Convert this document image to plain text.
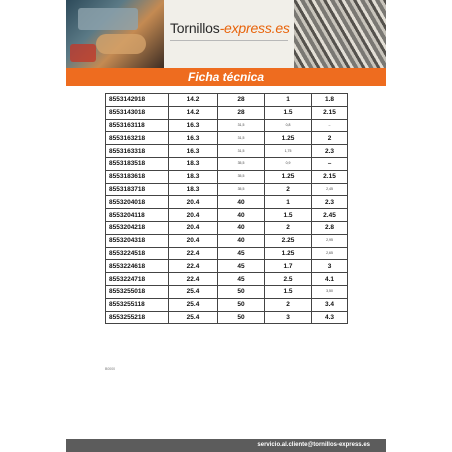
Tornillos-express.es
Ficha técnica
8553142918	14.2	28	1	1.8
8553143018	14.2	28	1.5	2.15
8553163118	16.3	31,5	0,8	–
8553163218	16.3	31,5	1.25	2
8553163318	16.3	31,5	1,75	2.3
8553183518	18.3	35,5	0,9	–
8553183618	18.3	35,5	1.25	2.15
8553183718	18.3	35,5	2	2,45
8553204018	20.4	40	1	2.3
8553204118	20.4	40	1.5	2.45
8553204218	20.4	40	2	2.8
8553204318	20.4	40	2.25	2,95
8553224518	22.4	45	1.25	2,65
8553224618	22.4	45	1.7	3
8553224718	22.4	45	2.5	4.1
8553255018	25.4	50	1.5	3,50
8553255118	25.4	50	2	3.4
8553255218	25.4	50	3	4.3
B0000
servicio.al.cliente@tornillos-express.es
